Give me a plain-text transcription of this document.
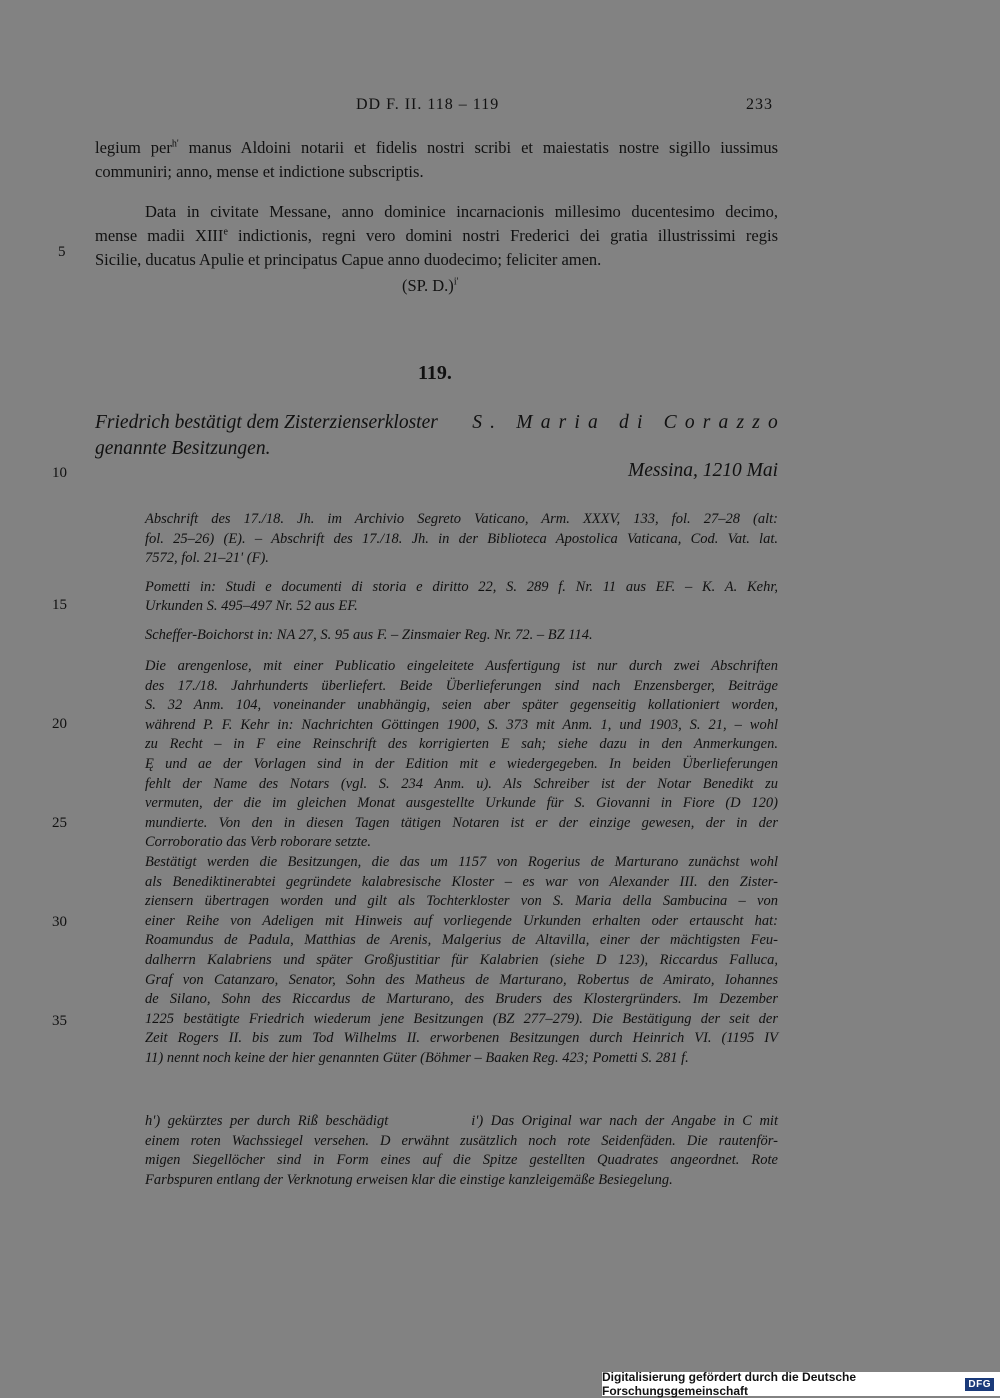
DD F. II. 118 – 119	233
legium per$^{h'}$ manus Aldoini notarii et fidelis nostri scribi et maiestatis nostre sigillo iussimus
communiri; anno, mense et indictione subscriptis.
Data in civitate Messane, anno dominice incarnacionis millesimo ducentesimo decimo,
mense madii XIIIe indictionis, regni vero domini nostri Frederici dei gratia illustrissimi regis
Sicilie, ducatus Apulie et principatus Capue anno duodecimo; feliciter amen.
(SP. D.)$^{i'}$
119.
Friedrich bestätigt dem Zisterzienserkloster S. Maria di Corazzo
genannte Besitzungen.
Messina, 1210 Mai
Abschrift des 17./18. Jh. im Archivio Segreto Vaticano, Arm. XXXV, 133, fol. 27–28 (alt:
fol. 25–26) (E). – Abschrift des 17./18. Jh. in der Biblioteca Apostolica Vaticana, Cod. Vat. lat.
7572, fol. 21–21' (F).
Pometti in: Studi e documenti di storia e diritto 22, S. 289 f. Nr. 11 aus EF. – K. A. Kehr,
Urkunden S. 495–497 Nr. 52 aus EF.
Scheffer-Boichorst in: NA 27, S. 95 aus F. – Zinsmaier Reg. Nr. 72. – BZ 114.
Die arengenlose, mit einer Publicatio eingeleitete Ausfertigung ist nur durch zwei Abschriften
des 17./18. Jahrhunderts überliefert. Beide Überlieferungen sind nach Enzensberger, Beiträge
S. 32 Anm. 104, voneinander unabhängig, seien aber später gegenseitig kollationiert worden,
während P. F. Kehr in: Nachrichten Göttingen 1900, S. 373 mit Anm. 1, und 1903, S. 21, – wohl
zu Recht – in F eine Reinschrift des korrigierten E sah; siehe dazu in den Anmerkungen.
Ę und ae der Vorlagen sind in der Edition mit e wiedergegeben. In beiden Überlieferungen
fehlt der Name des Notars (vgl. S. 234 Anm. u). Als Schreiber ist der Notar Benedikt zu
vermuten, der die im gleichen Monat ausgestellte Urkunde für S. Giovanni in Fiore (D 120)
mundierte. Von den in diesen Tagen tätigen Notaren ist er der einzige gewesen, der in der
Corroboratio das Verb roborare setzte.
Bestätigt werden die Besitzungen, die das um 1157 von Rogerius de Marturano zunächst wohl
als Benediktinerabtei gegründete kalabresische Kloster – es war von Alexander III. den Zister-
ziensern übertragen worden und gilt als Tochterkloster von S. Maria della Sambucina – von
einer Reihe von Adeligen mit Hinweis auf vorliegende Urkunden erhalten oder ertauscht hat:
Roamundus de Padula, Matthias de Arenis, Malgerius de Altavilla, einer der mächtigsten Feu-
dalherrn Kalabriens und später Großjustitiar für Kalabrien (siehe D 123), Riccardus Falluca,
Graf von Catanzaro, Senator, Sohn des Matheus de Marturano, Robertus de Amirato, Iohannes
de Silano, Sohn des Riccardus de Marturano, des Bruders des Klostergründers. Im Dezember
1225 bestätigte Friedrich wiederum jene Besitzungen (BZ 277–279). Die Bestätigung der seit der
Zeit Rogers II. bis zum Tod Wilhelms II. erworbenen Besitzungen durch Heinrich VI. (1195 IV
11) nennt noch keine der hier genannten Güter (Böhmer – Baaken Reg. 423; Pometti S. 281 f.
h') gekürztes per durch Riß beschädigt           i') Das Original war nach der Angabe in C mit
einem roten Wachssiegel versehen. D erwähnt zusätzlich noch rote Seidenfäden. Die rautenför-
migen Siegellöcher sind in Form eines auf die Spitze gestellten Quadrates angeordnet. Rote
Farbspuren entlang der Verknotung erweisen klar die einstige kanzleigemäße Besiegelung.
5
10
15
20
25
30
35
Digitalisierung gefördert durch die Deutsche Forschungsgemeinschaft	DFG
